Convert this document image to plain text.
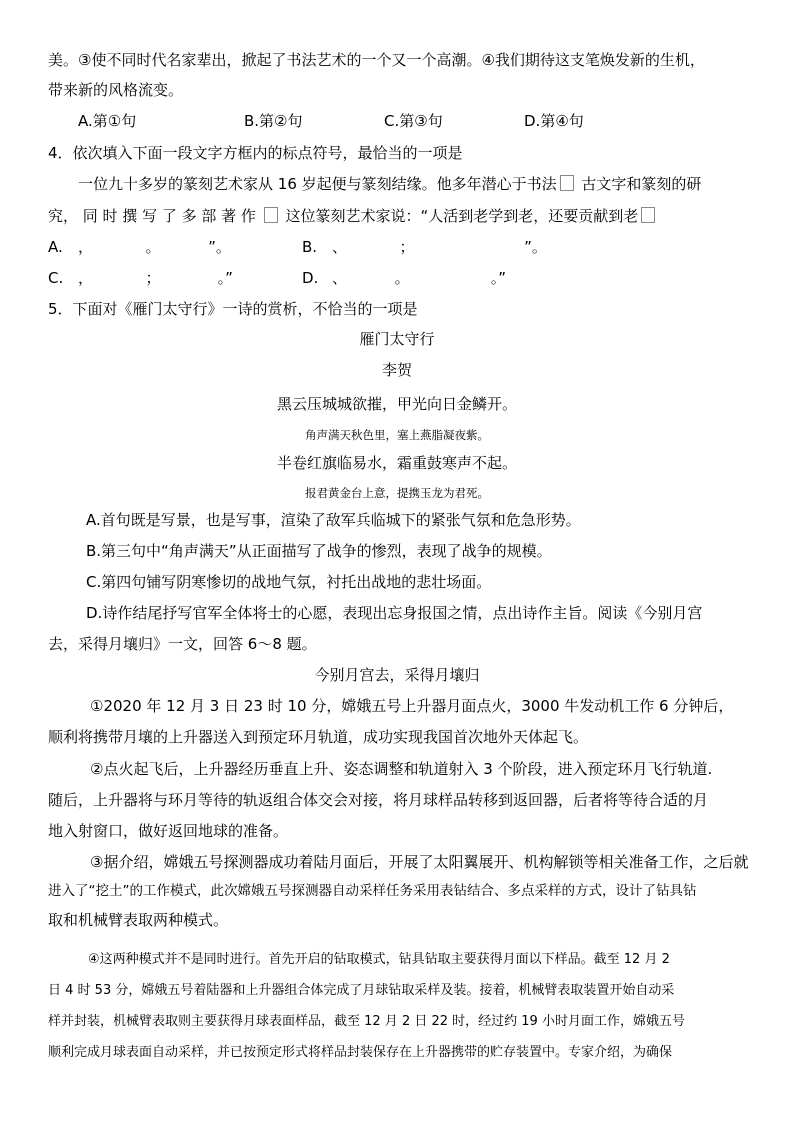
美。③使不同时代名家辈出，掀起了书法艺术的一个又一个高潮。④我们期待这支笔焕发新的生机，
带来新的风格流变。
A.第①句	B.第②句	C.第③句	D.第④句
4．依次填入下面一段文字方框内的标点符号，最恰当的一项是
一位九十多岁的篆刻艺术家从 16 岁起便与篆刻结缘。他多年潜心于书法 古文字和篆刻的研
究， 同 时 撰 写 了 多 部 著 作 这位篆刻艺术家说：“人活到老学到老，还要贡献到老
A. ，           。          ”。	B. 、           ；                       ”。
C. ，           ；            。”	D. 、          。                 。”
5．下面对《雁门太守行》一诗的赏析，不恰当的一项是
雁门太守行
李贺
黑云压城城欲摧，甲光向日金鳞开。
角声满天秋色里，塞上燕脂凝夜紫。
半卷红旗临易水，霜重鼓寒声不起。
报君黄金台上意，提携玉龙为君死。
A.首句既是写景，也是写事，渲染了敌军兵临城下的紧张气氛和危急形势。
B.第三句中“角声满天”从正面描写了战争的惨烈，表现了战争的规模。
C.第四句铺写阴寒惨切的战地气氛，衬托出战地的悲壮场面。
D.诗作结尾抒写官军全体将士的心愿，表现出忘身报国之情，点出诗作主旨。阅读《今别月宫
去，采得月壤归》一文，回答 6～8 题。
今别月宫去，采得月壤归
①2020 年 12 月 3 日 23 时 10 分，嫦娥五号上升器月面点火，3000 牛发动机工作 6 分钟后，
顺利将携带月壤的上升器送入到预定环月轨道，成功实现我国首次地外天体起飞。
②点火起飞后，上升器经历垂直上升、姿态调整和轨道射入 3 个阶段，进入预定环月飞行轨道.
随后，上升器将与环月等待的轨返组合体交会对接，将月球样品转移到返回器，后者将等待合适的月
地入射窗口，做好返回地球的准备。
③据介绍，嫦娥五号探测器成功着陆月面后，开展了太阳翼展开、机构解锁等相关准备工作，之后就
进入了“挖土”的工作模式，此次嫦娥五号探测器自动采样任务采用表钻结合、多点采样的方式，设计了钻具钻
取和机械臂表取两种模式。
④这两种模式并不是同时进行。首先开启的钻取模式，钻具钻取主要获得月面以下样品。截至 12 月 2
日 4 时 53 分，嫦娥五号着陆器和上升器组合体完成了月球钻取采样及装。接着，机械臂表取装置开始自动采
样并封装，机械臂表取则主要获得月球表面样品，截至 12 月 2 日 22 时，经过约 19 小时月面工作，嫦娥五号
顺利完成月球表面自动采样，并已按预定形式将样品封装保存在上升器携带的贮存装置中。专家介绍，为确保
